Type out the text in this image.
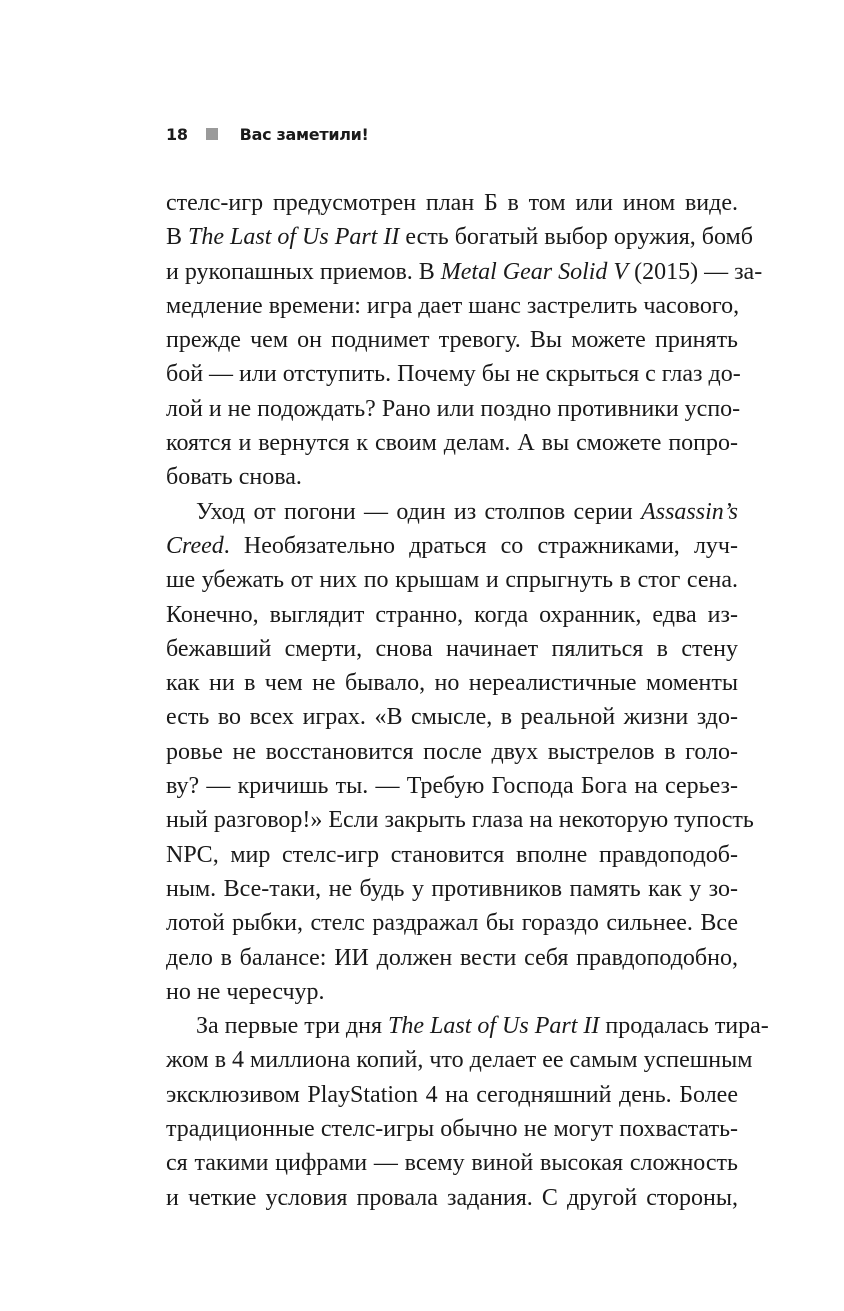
18	Вас заметили!
стелс-игр предусмотрен план Б в том или ином виде.
В The Last of Us Part II есть богатый выбор оружия, бомб
и рукопашных приемов. В Metal Gear Solid V (2015) — за-
медление времени: игра дает шанс застрелить часового,
прежде чем он поднимет тревогу. Вы можете принять
бой — или отступить. Почему бы не скрыться с глаз до-
лой и не подождать? Рано или поздно противники успо-
коятся и вернутся к своим делам. А вы сможете попро-
бовать снова.
Уход от погони — один из столпов серии Assassin’s
Creed. Необязательно драться со стражниками, луч-
ше убежать от них по крышам и спрыгнуть в стог сена.
Конечно, выглядит странно, когда охранник, едва из-
бежавший смерти, снова начинает пялиться в стену
как ни в чем не бывало, но нереалистичные моменты
есть во всех играх. «В смысле, в реальной жизни здо-
ровье не восстановится после двух выстрелов в голо-
ву? — кричишь ты. — Требую Господа Бога на серьез-
ный разговор!» Если закрыть глаза на некоторую тупость
NPC, мир стелс-игр становится вполне правдоподоб-
ным. Все-таки, не будь у противников память как у зо-
лотой рыбки, стелс раздражал бы гораздо сильнее. Все
дело в балансе: ИИ должен вести себя правдоподобно,
но не чересчур.
За первые три дня The Last of Us Part II продалась тира-
жом в 4 миллиона копий, что делает ее самым успешным
эксклюзивом PlayStation 4 на сегодняшний день. Более
традиционные стелс-игры обычно не могут похвастать-
ся такими цифрами — всему виной высокая сложность
и четкие условия провала задания. С другой стороны,
